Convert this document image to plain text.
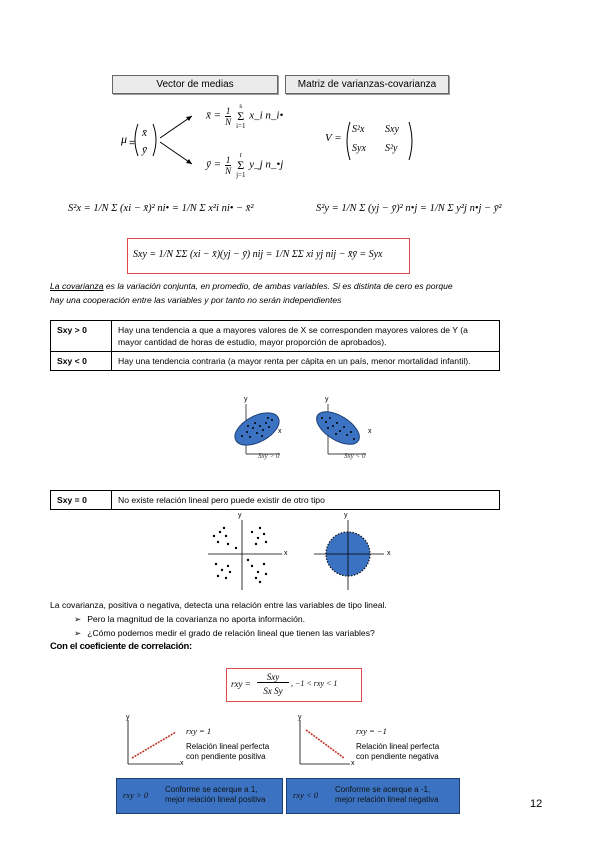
Vector de medias	Matriz de varianzas-covarianza
μ =
x̄
ȳ
x̄ = $\frac{1}{N}$
s
Σ
i=1
x_i n_i•
ȳ = $\frac{1}{N}$
r
Σ
j=1
y_j n_•j
V =
S²x Sxy
Syx S²y
S²x = 1/N Σ (xi − x̄)² ni• = 1/N Σ x²i ni• − x̄²	S²y = 1/N Σ (yj − ȳ)² n•j = 1/N Σ y²j n•j − ȳ²
Sxy = 1/N ΣΣ (xi − x̄)(yj − ȳ) nij = 1/N ΣΣ xi yj nij − x̄ȳ = Syx
La covarianza es la variación conjunta, en promedio, de ambas variables. Si es distinta de cero es porque
hay una cooperación entre las variables y por tanto no serán independientes
Sxy > 0	Hay una tendencia a que a mayores valores de X se corresponden mayores valores de Y (a mayor cantidad de horas de estudio, mayor proporción de aprobados).
Sxy < 0	Hay una tendencia contraria (a mayor renta per cápita en un país, menor mortalidad infantil).
y
x
y
x
Sxy > 0	Sxy < 0
Sxy = 0	No existe relación lineal pero puede existir de otro tipo
y
x
y
x
La covarianza, positiva o negativa, detecta una relación entre las variables de tipo lineal.
➢ Pero la magnitud de la covarianza no aporta información.
➢ ¿Cómo podemos medir el grado de relación lineal que tienen las variables?
Con el coeficiente de correlación:
rxy =
Sxy
Sx Sy
, −1 < rxy < 1
y
x
y
x
rxy = 1
Relación lineal perfecta
con pendiente positiva
rxy = −1
Relación lineal perfecta
con pendiente negativa
rxy > 0
Conforme se acerque a 1,
mejor relación lineal positiva	rxy < 0
Conforme se acerque a -1,
mejor relación lineal negativa	12
